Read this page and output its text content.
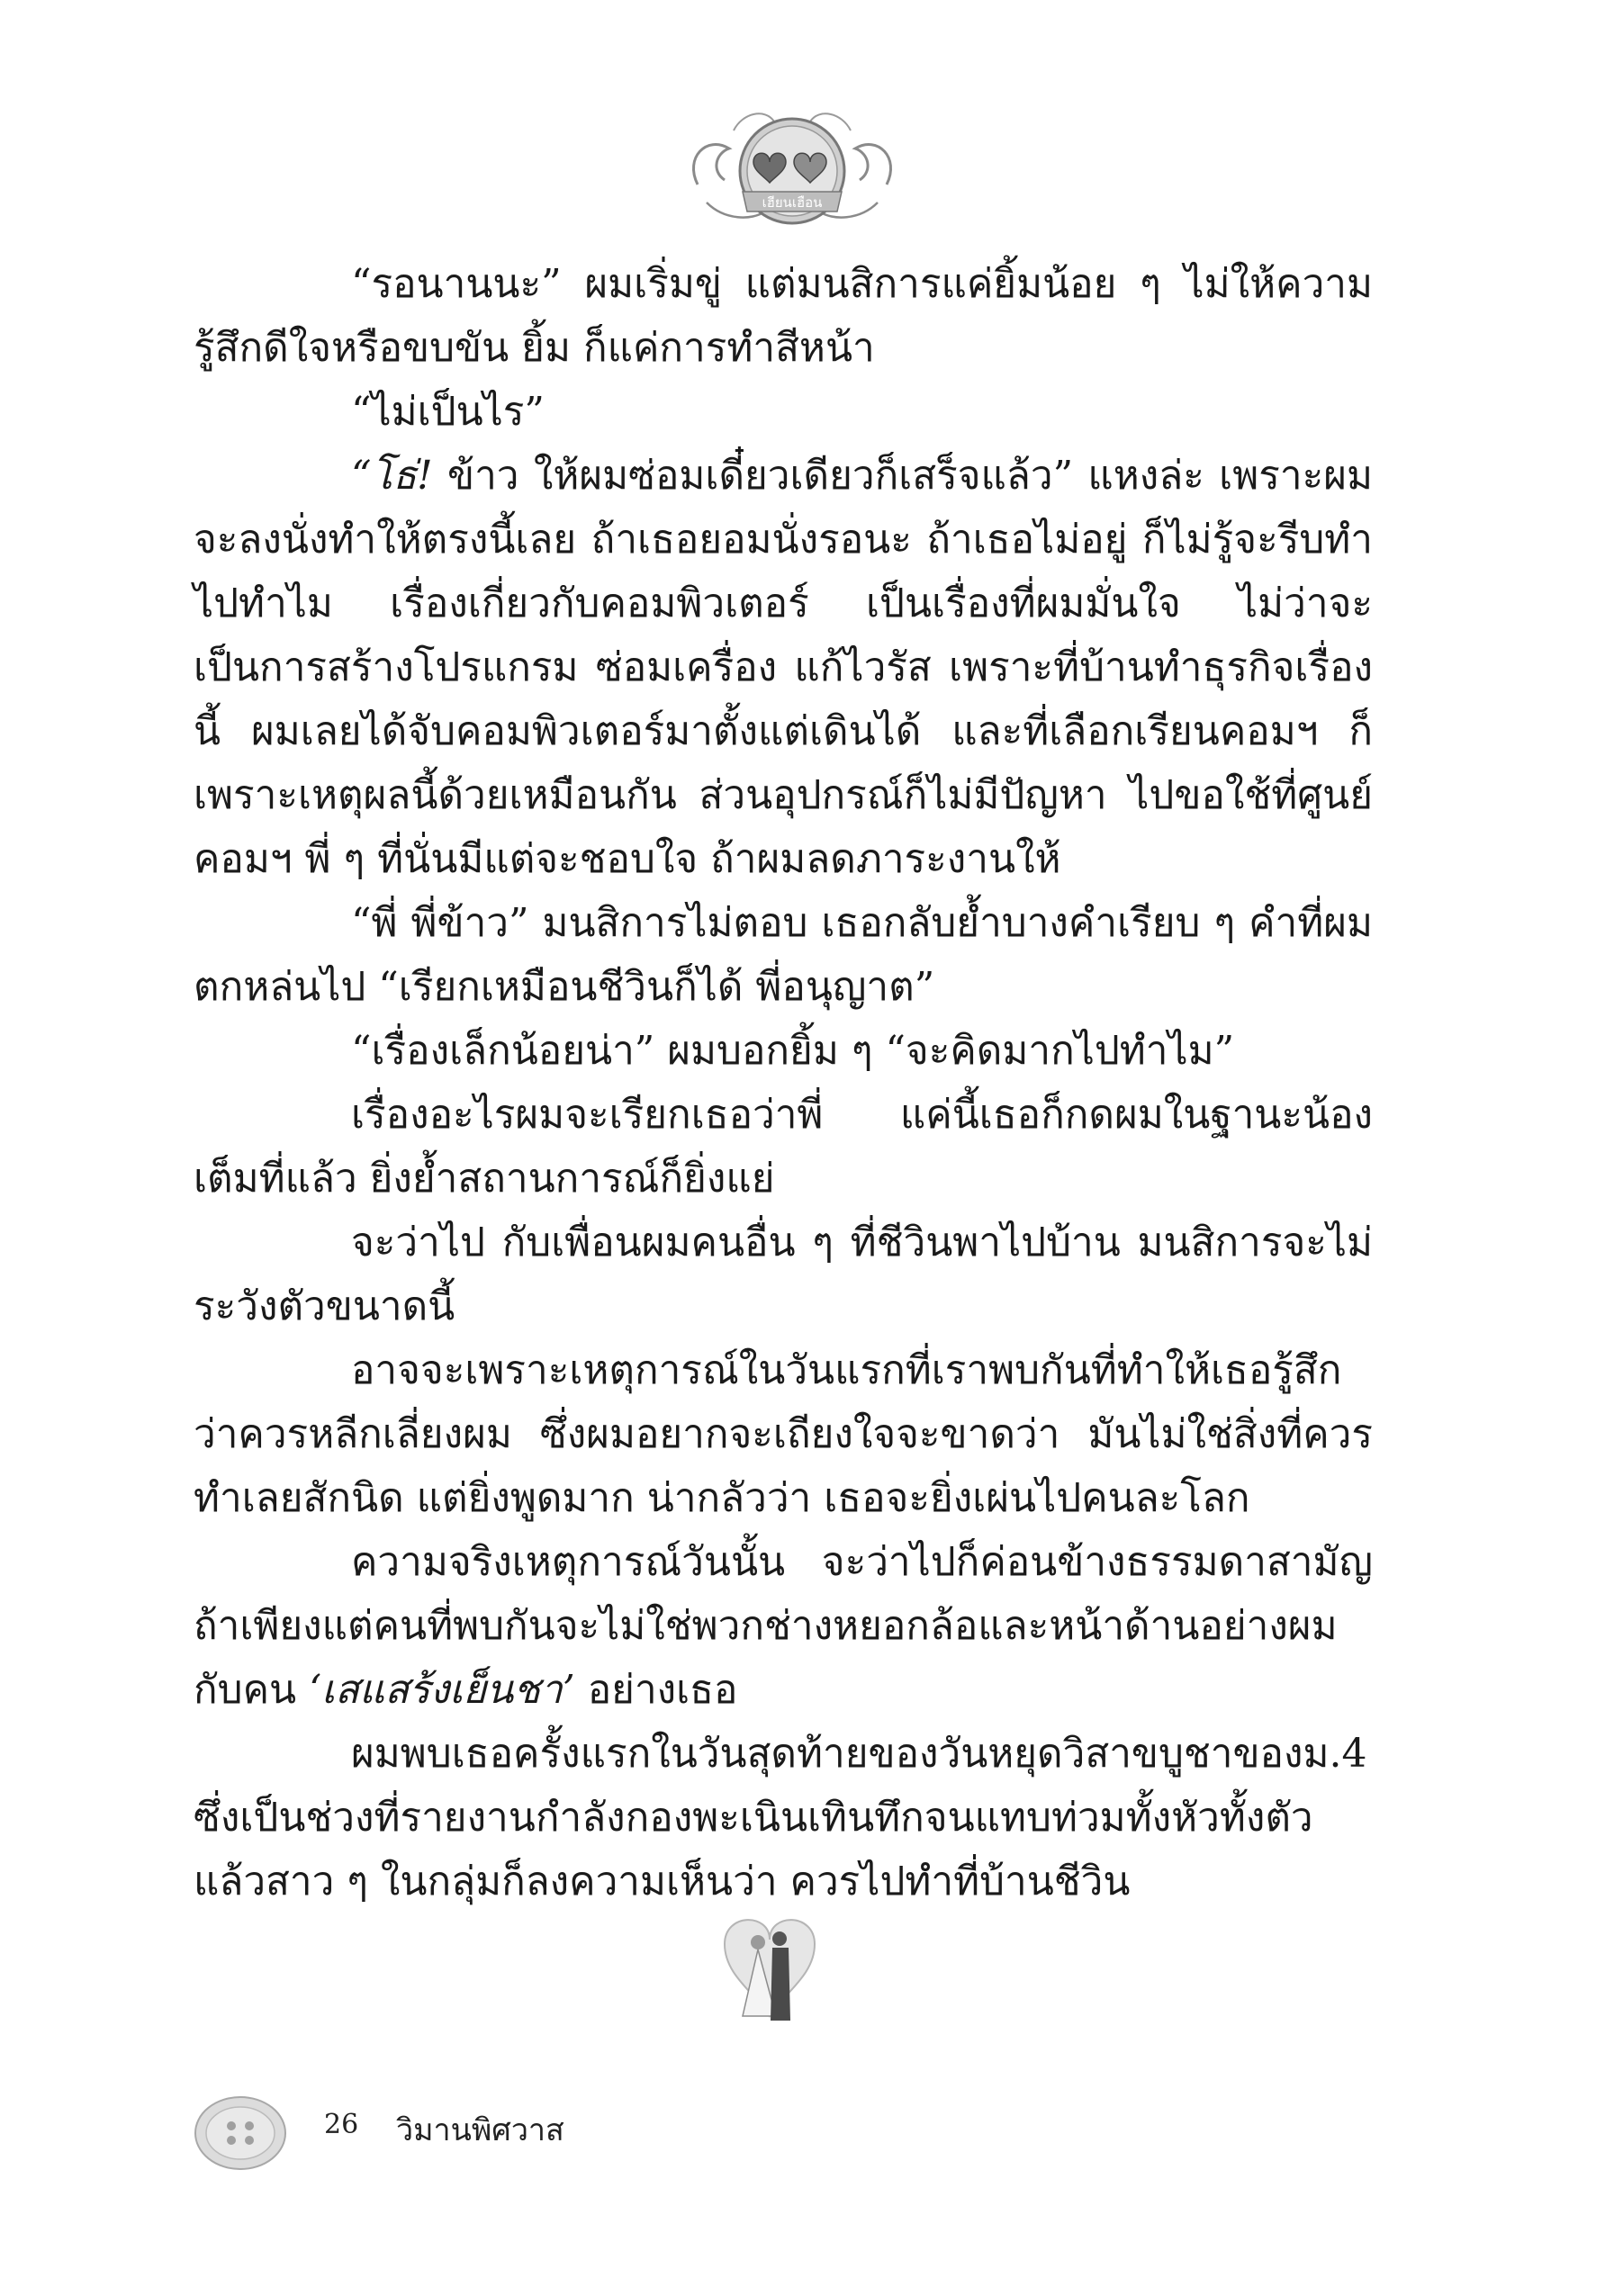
เฮียนเฮือน

“รอนานนะ” ผมเริ่มขู่ แต่มนสิการแค่ยิ้มน้อย ๆ ไม่ให้ความรู้สึกดีใจหรือขบขัน ยิ้ม ก็แค่การทำสีหน้า

“ไม่เป็นไร”

“โธ่! ข้าว ให้ผมซ่อมเดี๋ยวเดียวก็เสร็จแล้ว” แหงล่ะ เพราะผมจะลงนั่งทำให้ตรงนี้เลย ถ้าเธอยอมนั่งรอนะ ถ้าเธอไม่อยู่ ก็ไม่รู้จะรีบทำไปทำไม เรื่องเกี่ยวกับคอมพิวเตอร์ เป็นเรื่องที่ผมมั่นใจ ไม่ว่าจะเป็นการสร้างโปรแกรม ซ่อมเครื่อง แก้ไวรัส เพราะที่บ้านทำธุรกิจเรื่องนี้ ผมเลยได้จับคอมพิวเตอร์มาตั้งแต่เดินได้ และที่เลือกเรียนคอมฯ ก็เพราะเหตุผลนี้ด้วยเหมือนกัน ส่วนอุปกรณ์ก็ไม่มีปัญหา ไปขอใช้ที่ศูนย์คอมฯ พี่ ๆ ที่นั่นมีแต่จะชอบใจ ถ้าผมลดภาระงานให้

“พี่ พี่ข้าว” มนสิการไม่ตอบ เธอกลับย้ำบางคำเรียบ ๆ คำที่ผมตกหล่นไป “เรียกเหมือนชีวินก็ได้ พี่อนุญาต”

“เรื่องเล็กน้อยน่า” ผมบอกยิ้ม ๆ “จะคิดมากไปทำไม”

เรื่องอะไรผมจะเรียกเธอว่าพี่ แค่นี้เธอก็กดผมในฐานะน้องเต็มที่แล้ว ยิ่งย้ำสถานการณ์ก็ยิ่งแย่

จะว่าไป กับเพื่อนผมคนอื่น ๆ ที่ชีวินพาไปบ้าน มนสิการจะไม่ระวังตัวขนาดนี้

อาจจะเพราะเหตุการณ์ในวันแรกที่เราพบกันที่ทำให้เธอรู้สึกว่าควรหลีกเลี่ยงผม ซึ่งผมอยากจะเถียงใจจะขาดว่า มันไม่ใช่สิ่งที่ควรทำเลยสักนิด แต่ยิ่งพูดมาก น่ากลัวว่า เธอจะยิ่งเผ่นไปคนละโลก

ความจริงเหตุการณ์วันนั้น จะว่าไปก็ค่อนข้างธรรมดาสามัญถ้าเพียงแต่คนที่พบกันจะไม่ใช่พวกช่างหยอกล้อและหน้าด้านอย่างผมกับคน ‘เสแสร้งเย็นชา’ อย่างเธอ

ผมพบเธอครั้งแรกในวันสุดท้ายของวันหยุดวิสาขบูชาของม.4 ซึ่งเป็นช่วงที่รายงานกำลังกองพะเนินเทินทึกจนแทบท่วมทั้งหัวทั้งตัว แล้วสาว ๆ ในกลุ่มก็ลงความเห็นว่า ควรไปทำที่บ้านชีวิน

26 วิมานพิศวาส
